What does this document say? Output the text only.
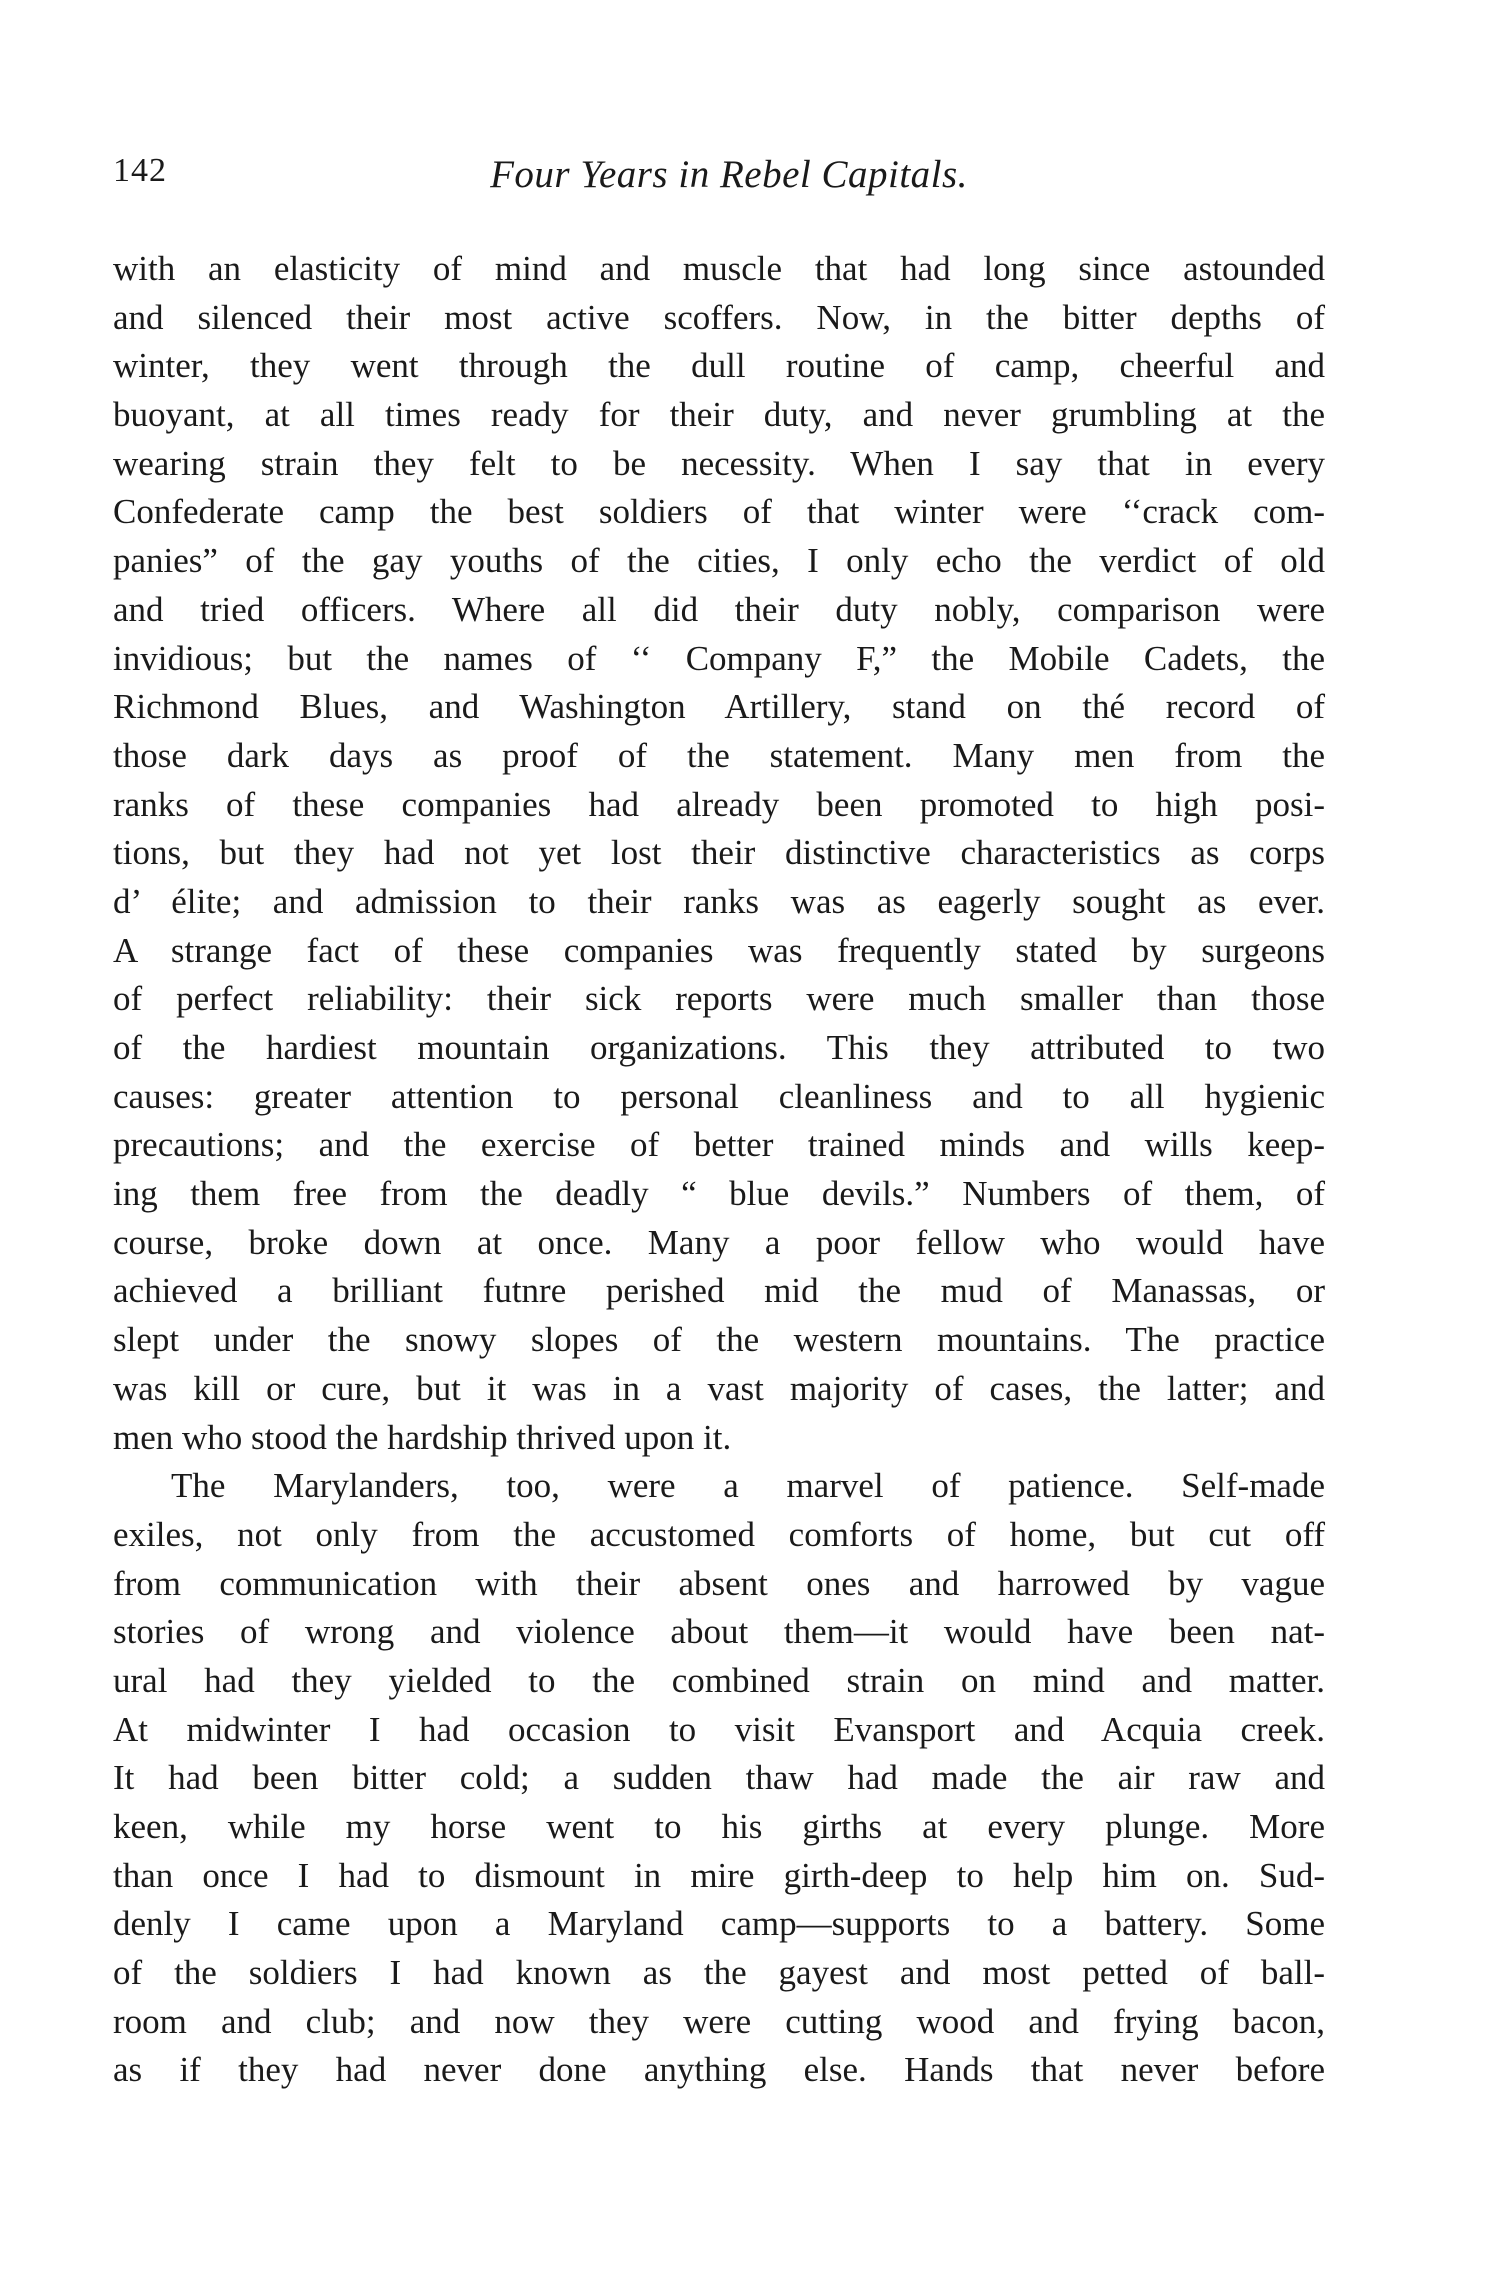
142	Four Years in Rebel Capitals.
with an elasticity of mind and muscle that had long since astounded
and silenced their most active scoffers. Now, in the bitter depths of
winter, they went through the dull routine of camp, cheerful and
buoyant, at all times ready for their duty, and never grumbling at the
wearing strain they felt to be necessity. When I say that in every
Confederate camp the best soldiers of that winter were ‘‘crack com-
panies” of the gay youths of the cities, I only echo the verdict of old
and tried officers. Where all did their duty nobly, comparison were
invidious; but the names of ‘‘ Company F,” the Mobile Cadets, the
Richmond Blues, and Washington Artillery, stand on thé record of
those dark days as proof of the statement. Many men from the
ranks of these companies had already been promoted to high posi-
tions, but they had not yet lost their distinctive characteristics as corps
d’ élite; and admission to their ranks was as eagerly sought as ever.
A strange fact of these companies was frequently stated by surgeons
of perfect reliability: their sick reports were much smaller than those
of the hardiest mountain organizations. This they attributed to two
causes: greater attention to personal cleanliness and to all hygienic
precautions; and the exercise of better trained minds and wills keep-
ing them free from the deadly “ blue devils.” Numbers of them, of
course, broke down at once. Many a poor fellow who would have
achieved a brilliant futnre perished mid the mud of Manassas, or
slept under the snowy slopes of the western mountains. The practice
was kill or cure, but it was in a vast majority of cases, the latter; and
men who stood the hardship thrived upon it.
The Marylanders, too, were a marvel of patience. Self-made
exiles, not only from the accustomed comforts of home, but cut off
from communication with their absent ones and harrowed by vague
stories of wrong and violence about them—it would have been nat-
ural had they yielded to the combined strain on mind and matter.
At midwinter I had occasion to visit Evansport and Acquia creek.
It had been bitter cold; a sudden thaw had made the air raw and
keen, while my horse went to his girths at every plunge. More
than once I had to dismount in mire girth-deep to help him on. Sud-
denly I came upon a Maryland camp—supports to a battery. Some
of the soldiers I had known as the gayest and most petted of ball-
room and club; and now they were cutting wood and frying bacon,
as if they had never done anything else. Hands that never before
